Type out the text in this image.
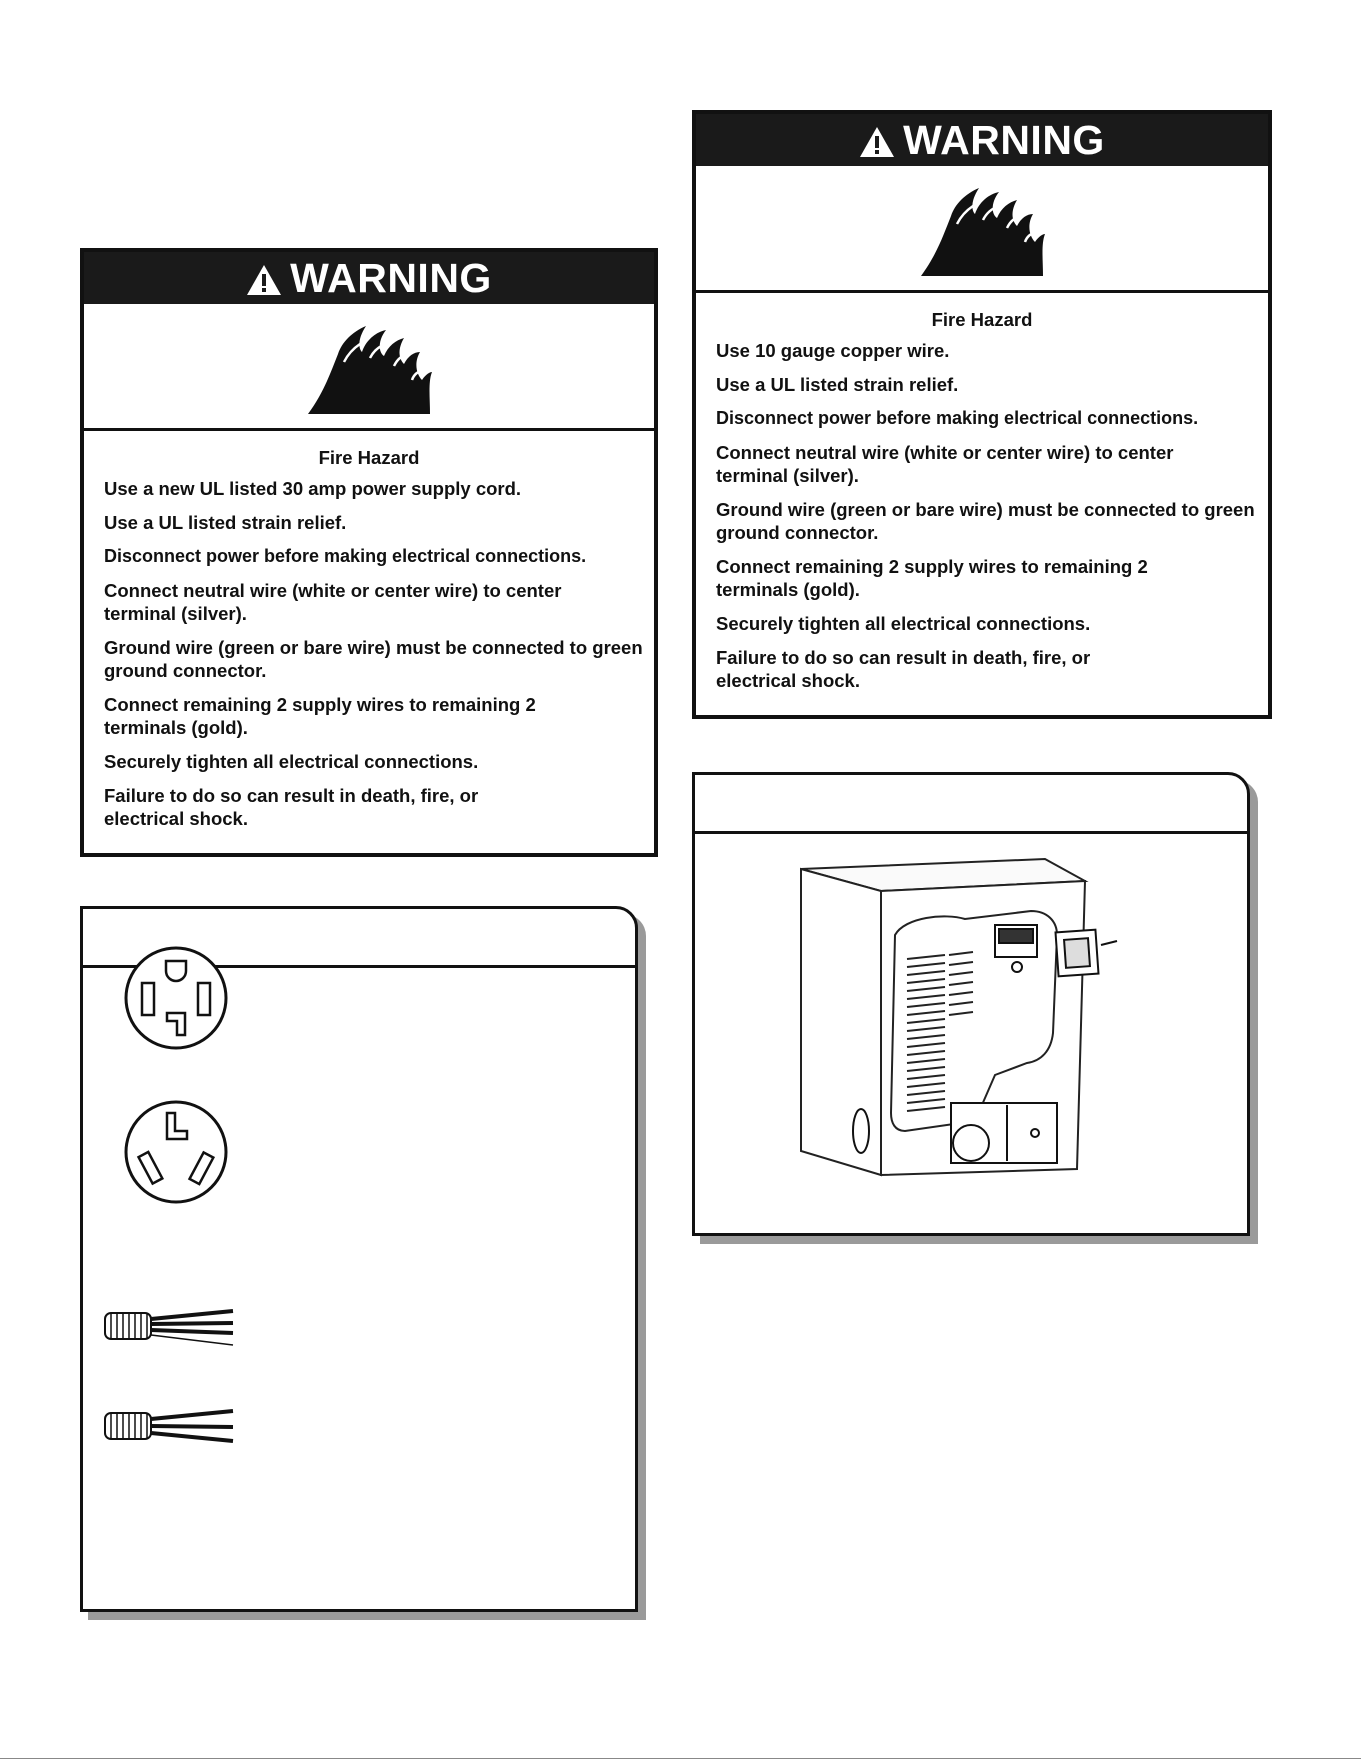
WARNING
Fire Hazard

Use a new UL listed 30 amp power supply cord.

Use a UL listed strain relief.

Disconnect power before making electrical connections.

Connect neutral wire (white or center wire) to center terminal (silver).

Ground wire (green or bare wire) must be connected to green ground connector.

Connect remaining 2 supply wires to remaining 2 terminals (gold).

Securely tighten all electrical connections.

Failure to do so can result in death, fire, or electrical shock.

WARNING
Fire Hazard

Use 10 gauge copper wire.

Use a UL listed strain relief.

Disconnect power before making electrical connections.

Connect neutral wire (white or center wire) to center terminal (silver).

Ground wire (green or bare wire) must be connected to green ground connector.

Connect remaining 2 supply wires to remaining 2 terminals (gold).

Securely tighten all electrical connections.

Failure to do so can result in death, fire, or electrical shock.
